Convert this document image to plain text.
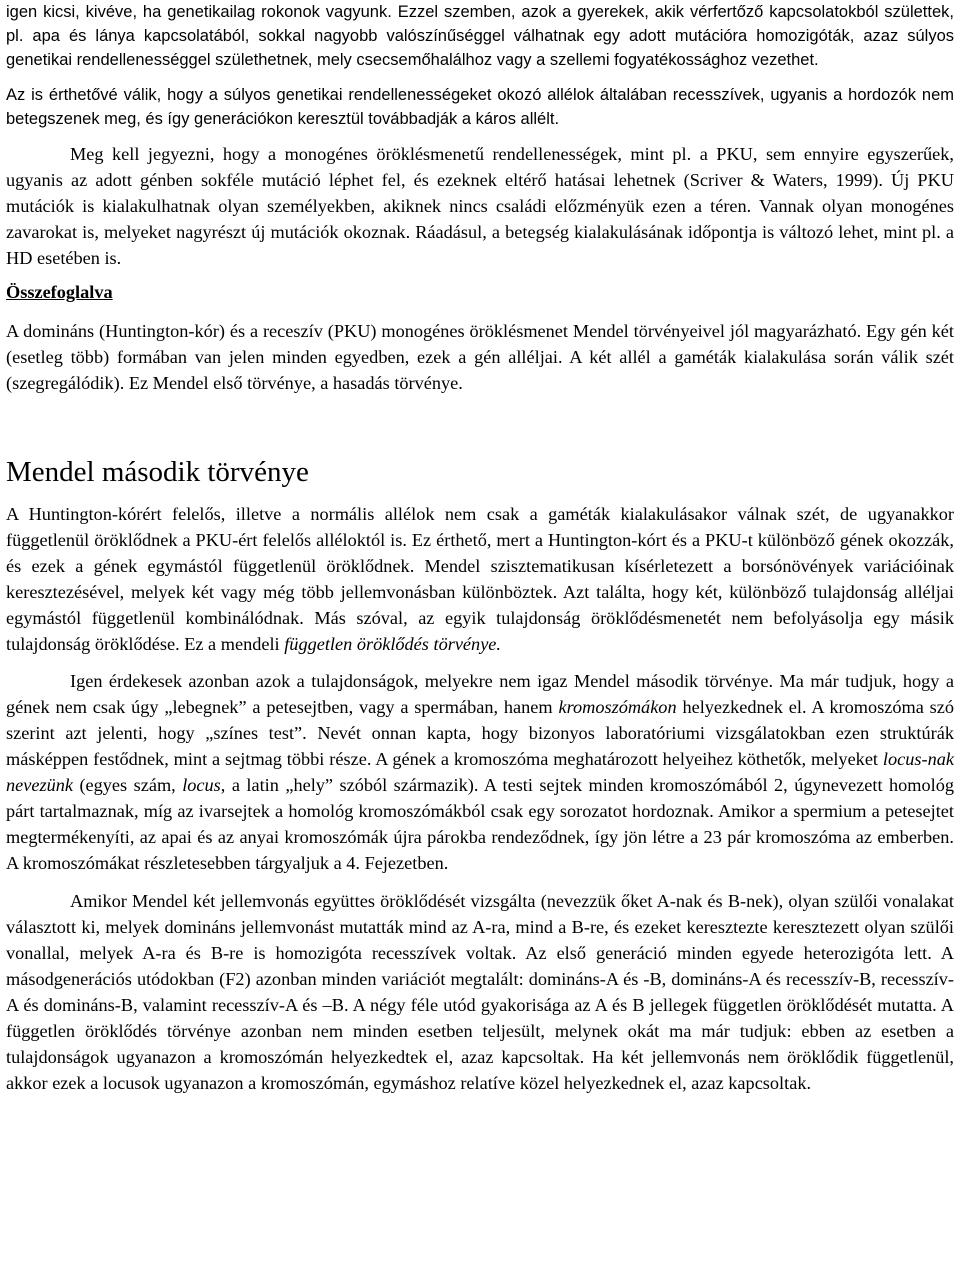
igen kicsi, kivéve, ha genetikailag rokonok vagyunk. Ezzel szemben, azok a gyerekek, akik vérfertőző kapcsolatokból születtek, pl. apa és lánya kapcsolatából, sokkal nagyobb valószínűséggel válhatnak egy adott mutációra homozigóták, azaz súlyos genetikai rendellenességgel születhetnek, mely csecsemőhalálhoz vagy a szellemi fogyatékossághoz vezethet.

Az is érthetővé válik, hogy a súlyos genetikai rendellenességeket okozó allélok általában recesszívek, ugyanis a hordozók nem betegszenek meg, és így generációkon keresztül továbbadják a káros allélt.

Meg kell jegyezni, hogy a monogénes öröklésmenetű rendellenességek, mint pl. a PKU, sem ennyire egyszerűek, ugyanis az adott génben sokféle mutáció léphet fel, és ezeknek eltérő hatásai lehetnek (Scriver & Waters, 1999). Új PKU mutációk is kialakulhatnak olyan személyekben, akiknek nincs családi előzményük ezen a téren. Vannak olyan monogénes zavarokat is, melyeket nagyrészt új mutációk okoznak. Ráadásul, a betegség kialakulásának időpontja is változó lehet, mint pl. a HD esetében is.

Összefoglalva

A domináns (Huntington-kór) és a receszív (PKU) monogénes öröklésmenet Mendel törvényeivel jól magyarázható. Egy gén két (esetleg több) formában van jelen minden egyedben, ezek a gén alléljai. A két allél a gaméták kialakulása során válik szét (szegregálódik). Ez Mendel első törvénye, a hasadás törvénye.

Mendel második törvénye

A Huntington-kórért felelős, illetve a normális allélok nem csak a gaméták kialakulásakor válnak szét, de ugyanakkor függetlenül öröklődnek a PKU-ért felelős alléloktól is. Ez érthető, mert a Huntington-kórt és a PKU-t különböző gének okozzák, és ezek a gének egymástól függetlenül öröklődnek. Mendel szisztematikusan kísérletezett a borsónövények variációinak keresztezésével, melyek két vagy még több jellemvonásban különböztek. Azt találta, hogy két, különböző tulajdonság alléljai egymástól függetlenül kombinálódnak. Más szóval, az egyik tulajdonság öröklődésmenetét nem befolyásolja egy másik tulajdonság öröklődése. Ez a mendeli független öröklődés törvénye.

Igen érdekesek azonban azok a tulajdonságok, melyekre nem igaz Mendel második törvénye. Ma már tudjuk, hogy a gének nem csak úgy „lebegnek” a petesejtben, vagy a spermában, hanem kromoszómákon helyezkednek el. A kromoszóma szó szerint azt jelenti, hogy „színes test”. Nevét onnan kapta, hogy bizonyos laboratóriumi vizsgálatokban ezen struktúrák másképpen festődnek, mint a sejtmag többi része. A gének a kromoszóma meghatározott helyeihez köthetők, melyeket locus-nak nevezünk (egyes szám, locus, a latin „hely” szóból származik). A testi sejtek minden kromoszómából 2, úgynevezett homológ párt tartalmaznak, míg az ivarsejtek a homológ kromoszómákból csak egy sorozatot hordoznak. Amikor a spermium a petesejtet megtermékenyíti, az apai és az anyai kromoszómák újra párokba rendeződnek, így jön létre a 23 pár kromoszóma az emberben. A kromoszómákat részletesebben tárgyaljuk a 4. Fejezetben.

Amikor Mendel két jellemvonás együttes öröklődését vizsgálta (nevezzük őket A-nak és B-nek), olyan szülői vonalakat választott ki, melyek domináns jellemvonást mutatták mind az A-ra, mind a B-re, és ezeket keresztezte keresztezett olyan szülői vonallal, melyek A-ra és B-re is homozigóta recesszívek voltak. Az első generáció minden egyede heterozigóta lett. A másodgenerációs utódokban (F2) azonban minden variációt megtalált: domináns-A és -B, domináns-A és recesszív-B, recesszív-A és domináns-B, valamint recesszív-A és –B. A négy féle utód gyakorisága az A és B jellegek független öröklődését mutatta. A független öröklődés törvénye azonban nem minden esetben teljesült, melynek okát ma már tudjuk: ebben az esetben a tulajdonságok ugyanazon a kromoszómán helyezkedtek el, azaz kapcsoltak. Ha két jellemvonás nem öröklődik függetlenül, akkor ezek a locusok ugyanazon a kromoszómán, egymáshoz relatíve közel helyezkednek el, azaz kapcsoltak.
